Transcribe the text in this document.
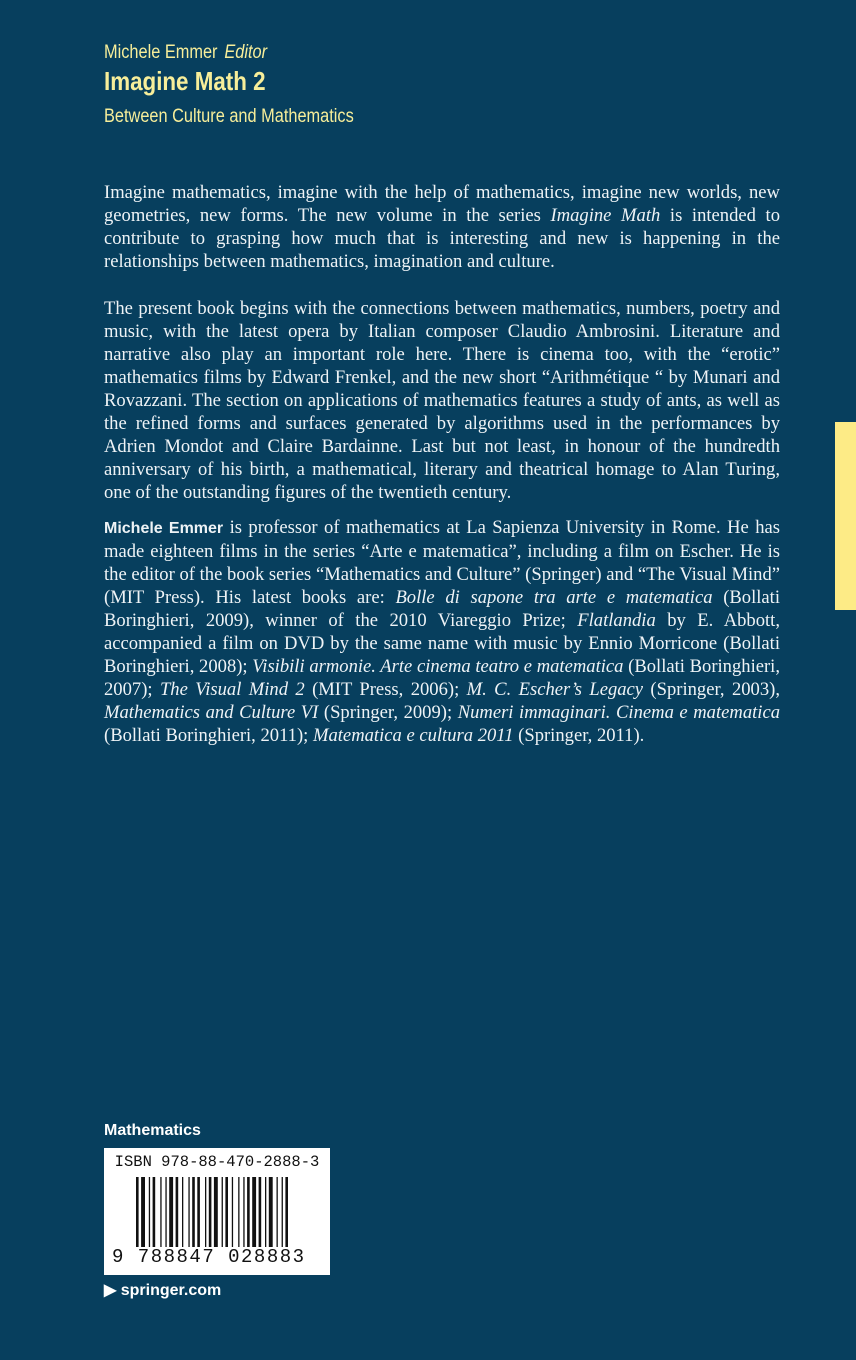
Michele Emmer Editor
Imagine Math 2
Between Culture and Mathematics

Imagine mathematics, imagine with the help of mathematics, imagine new worlds, new geometries, new forms. The new volume in the series Imagine Math is intended to contribute to grasping how much that is interesting and new is happening in the relationships between mathematics, imagination and culture.

The present book begins with the connections between mathematics, numbers, poetry and music, with the latest opera by Italian composer Claudio Ambrosini. Literature and narrative also play an important role here. There is cinema too, with the “erotic” mathematics films by Edward Frenkel, and the new short “Arithmétique “ by Munari and Rovazzani. The section on applications of mathematics features a study of ants, as well as the refined forms and surfaces generated by algorithms used in the performances by Adrien Mondot and Claire Bardainne. Last but not least, in honour of the hundredth anniversary of his birth, a mathematical, literary and theatrical homage to Alan Turing, one of the outstanding figures of the twentieth century.

Michele Emmer is professor of mathematics at La Sapienza University in Rome. He has made eighteen films in the series “Arte e matematica”, including a film on Escher. He is the editor of the book series “Mathematics and Culture” (Springer) and “The Visual Mind” (MIT Press). His latest books are: Bolle di sapone tra arte e matematica (Bollati Boringhieri, 2009), winner of the 2010 Viareggio Prize; Flatlandia by E. Abbott, accompanied a film on DVD by the same name with music by Ennio Morricone (Bollati Boringhieri, 2008); Visibili armonie. Arte cinema teatro e matematica (Bollati Boringhieri, 2007); The Visual Mind 2 (MIT Press, 2006); M. C. Escher’s Legacy (Springer, 2003), Mathematics and Culture VI (Springer, 2009); Numeri immaginari. Cinema e matematica (Bollati Boringhieri, 2011); Matematica e cultura 2011 (Springer, 2011).

Mathematics
ISBN 978-88-470-2888-3
9 788847 028883
▶ springer.com
